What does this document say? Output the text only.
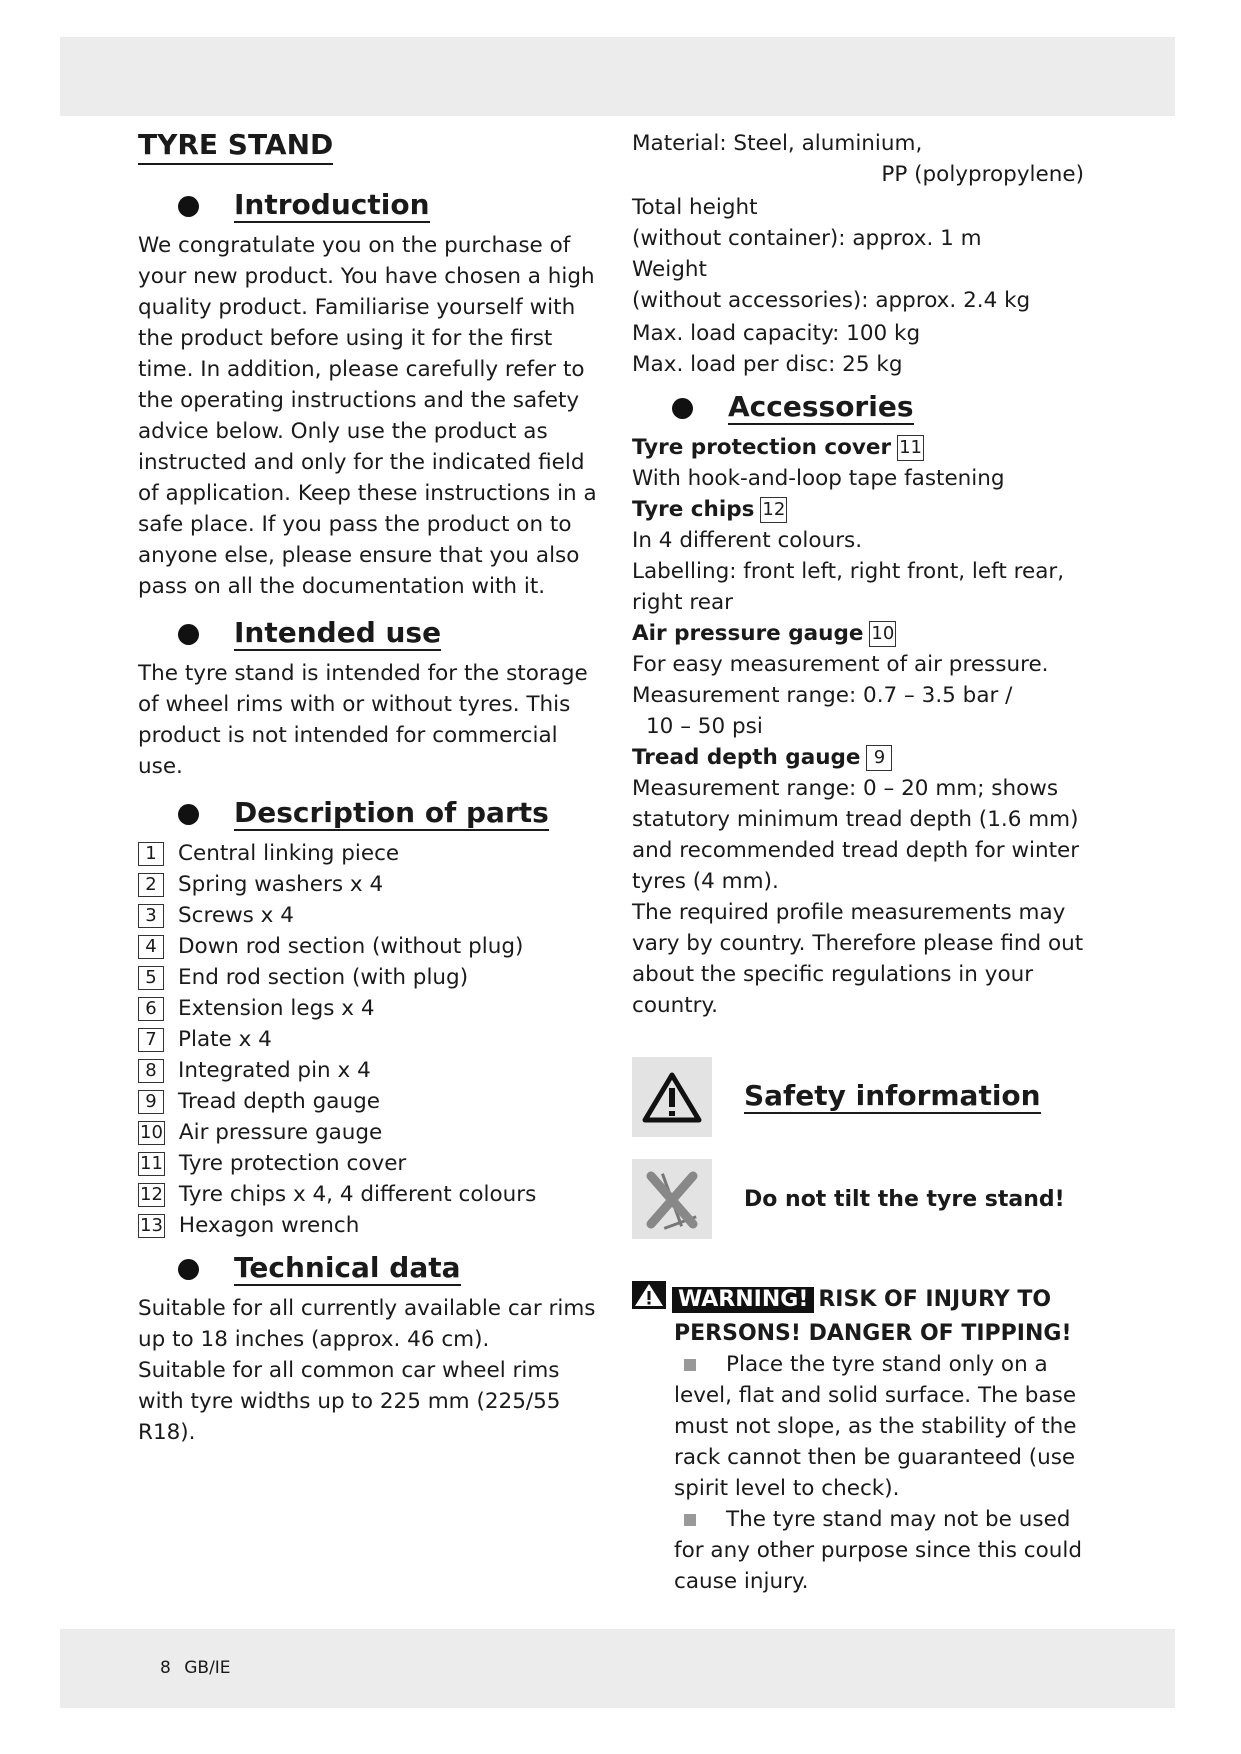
8 GB/IE
TYRE STAND
Introduction

We congratulate you on the purchase of your new product. You have chosen a high quality product. Familiarise yourself with the product before using it for the first time. In addition, please carefully refer to the operating instructions and the safety advice below. Only use the product as instructed and only for the indicated field of application. Keep these instructions in a safe place. If you pass the product on to anyone else, please ensure that you also pass on all the documentation with it.

Intended use

The tyre stand is intended for the storage of wheel rims with or without tyres. This product is not intended for commercial use.

Description of parts
1 Central linking piece
2 Spring washers x 4
3 Screws x 4
4 Down rod section (without plug)
5 End rod section (with plug)
6 Extension legs x 4
7 Plate x 4
8 Integrated pin x 4
9 Tread depth gauge
10 Air pressure gauge
11 Tyre protection cover
12 Tyre chips x 4, 4 different colours
13 Hexagon wrench
Technical data

Suitable for all currently available car rims up to 18 inches (approx. 46 cm).

Suitable for all common car wheel rims with tyre widths up to 225 mm (225/55 R18).

Material: Steel, aluminium,

PP (polypropylene)

Total height

(without container): approx. 1 m

Weight

(without accessories): approx. 2.4 kg

Max. load capacity: 100 kg

Max. load per disc: 25 kg

Accessories

Tyre protection cover 11

With hook-and-loop tape fastening

Tyre chips 12

In 4 different colours.

Labelling: front left, right front, left rear, right rear

Air pressure gauge 10

For easy measurement of air pressure.

Measurement range: 0.7 – 3.5 bar /

10 – 50 psi

Tread depth gauge 9

Measurement range: 0 – 20 mm; shows statutory minimum tread depth (1.6 mm) and recommended tread depth for winter tyres (4 mm).

The required profile measurements may vary by country. Therefore please find out about the specific regulations in your country.

Safety information
Do not tilt the tyre stand!
WARNING! RISK OF INJURY TO
PERSONS! DANGER OF TIPPING!

Place the tyre stand only on a level, flat and solid surface. The base must not slope, as the stability of the rack cannot then be guaranteed (use spirit level to check).

The tyre stand may not be used for any other purpose since this could cause injury.
